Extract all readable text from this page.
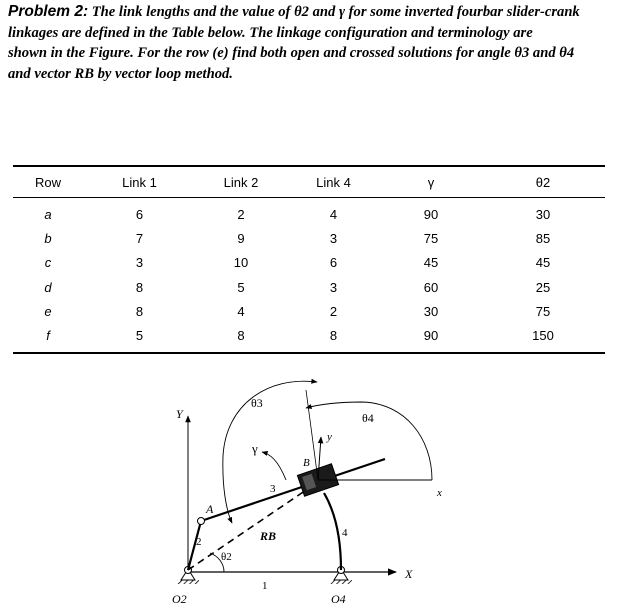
Problem 2: The link lengths and the value of θ2 and γ for some inverted fourbar slider-crank
linkages are defined in the Table below. The linkage configuration and terminology are
shown in the Figure. For the row (e) find both open and crossed solutions for angle θ3 and θ4
and vector RB by vector loop method.
Row	Link 1	Link 2	Link 4	γ	θ2
a	6	2	4	90	30
b	7	9	3	75	85
c	3	10	6	45	45
d	8	5	3	60	25
e	8	4	2	30	75
f	5	8	8	90	150
θ3
θ4
γ
θ2
Y
X
y
x
A
B
RB
1
2
3
4
O2	O4
